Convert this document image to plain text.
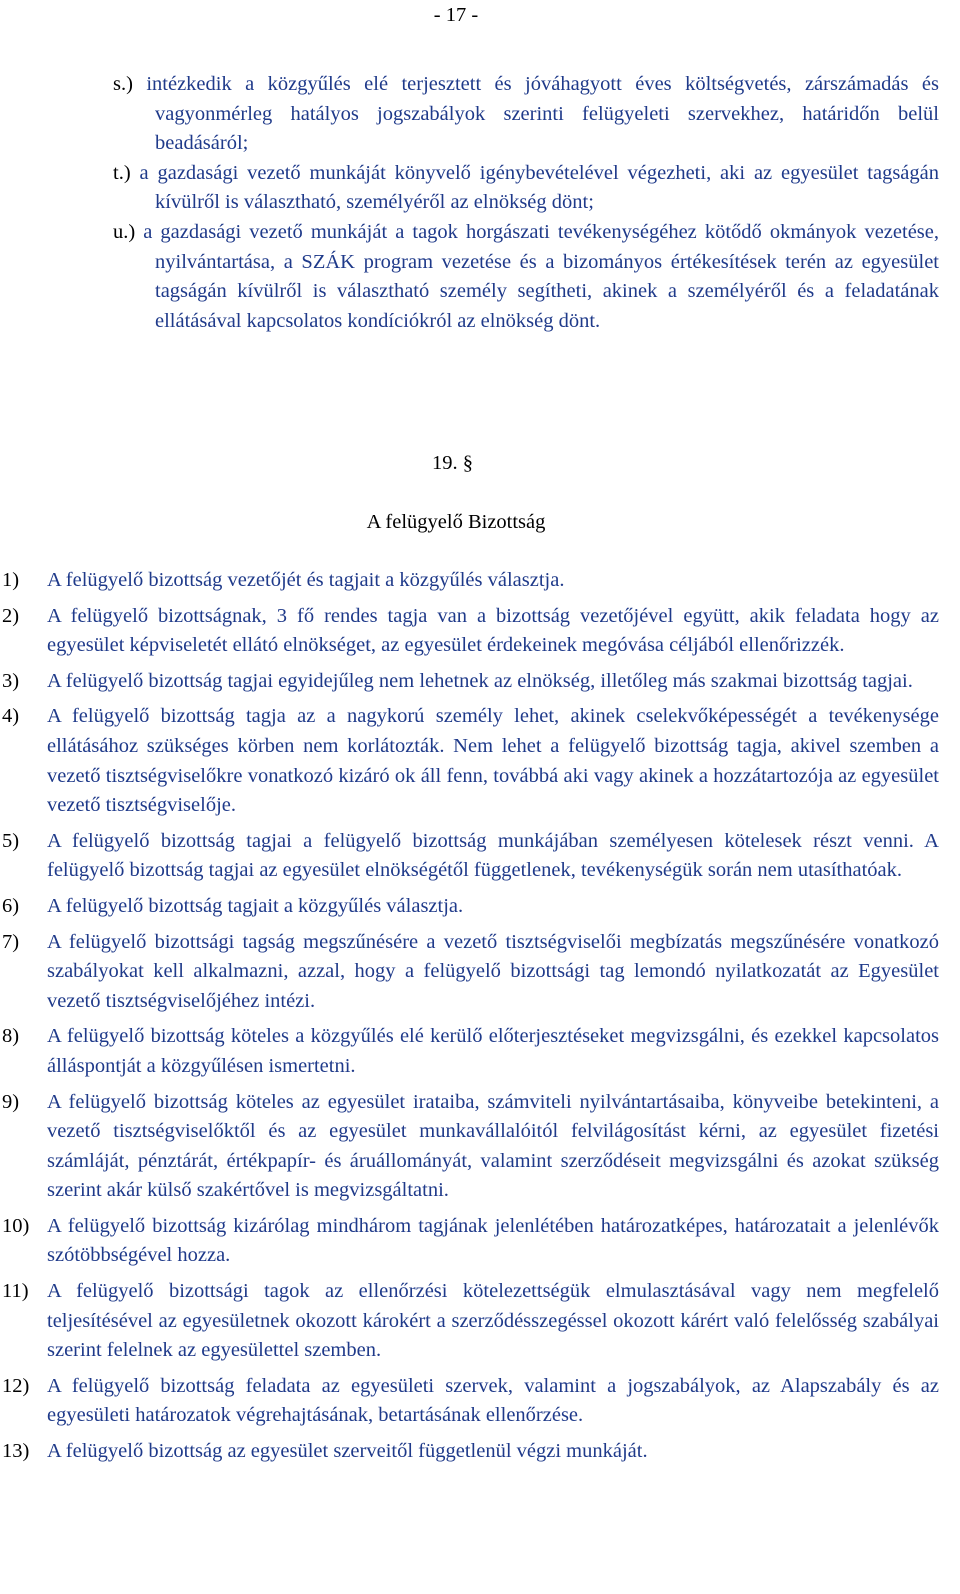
- 17 -
s.) intézkedik a közgyűlés elé terjesztett és jóváhagyott éves költségvetés, zárszámadás és vagyonmérleg hatályos jogszabályok szerinti felügyeleti szervekhez, határidőn belül beadásáról;
t.) a gazdasági vezető munkáját könyvelő igénybevételével végezheti, aki az egyesület tagságán kívülről is választható, személyéről az elnökség dönt;
u.) a gazdasági vezető munkáját a tagok horgászati tevékenységéhez kötődő okmányok vezetése, nyilvántartása, a SZÁK program vezetése és a bizományos értékesítések terén az egyesület tagságán kívülről is választható személy segítheti, akinek a személyéről és a feladatának ellátásával kapcsolatos kondíciókról az elnökség dönt.
19. §
A felügyelő Bizottság
1) A felügyelő bizottság vezetőjét és tagjait a közgyűlés választja.
2) A felügyelő bizottságnak, 3 fő rendes tagja van a bizottság vezetőjével együtt, akik feladata hogy az egyesület képviseletét ellátó elnökséget, az egyesület érdekeinek megóvása céljából ellenőrizzék.
3) A felügyelő bizottság tagjai egyidejűleg nem lehetnek az elnökség, illetőleg más szakmai bizottság tagjai.
4) A felügyelő bizottság tagja az a nagykorú személy lehet, akinek cselekvőképességét a tevékenysége ellátásához szükséges körben nem korlátozták. Nem lehet a felügyelő bizottság tagja, akivel szemben a vezető tisztségviselőkre vonatkozó kizáró ok áll fenn, továbbá aki vagy akinek a hozzátartozója az egyesület vezető tisztségviselője.
5) A felügyelő bizottság tagjai a felügyelő bizottság munkájában személyesen kötelesek részt venni. A felügyelő bizottság tagjai az egyesület elnökségétől függetlenek, tevékenységük során nem utasíthatóak.
6) A felügyelő bizottság tagjait a közgyűlés választja.
7) A felügyelő bizottsági tagság megszűnésére a vezető tisztségviselői megbízatás megszűnésére vonatkozó szabályokat kell alkalmazni, azzal, hogy a felügyelő bizottsági tag lemondó nyilatkozatát az Egyesület vezető tisztségviselőjéhez intézi.
8) A felügyelő bizottság köteles a közgyűlés elé kerülő előterjesztéseket megvizsgálni, és ezekkel kapcsolatos álláspontját a közgyűlésen ismertetni.
9) A felügyelő bizottság köteles az egyesület irataiba, számviteli nyilvántartásaiba, könyveibe betekinteni, a vezető tisztségviselőktől és az egyesület munkavállalóitól felvilágosítást kérni, az egyesület fizetési számláját, pénztárát, értékpapír- és áruállományát, valamint szerződéseit megvizsgálni és azokat szükség szerint akár külső szakértővel is megvizsgáltatni.
10) A felügyelő bizottság kizárólag mindhárom tagjának jelenlétében határozatképes, határozatait a jelenlévők szótöbbségével hozza.
11) A felügyelő bizottsági tagok az ellenőrzési kötelezettségük elmulasztásával vagy nem megfelelő teljesítésével az egyesületnek okozott károkért a szerződésszegéssel okozott kárért való felelősség szabályai szerint felelnek az egyesülettel szemben.
12) A felügyelő bizottság feladata az egyesületi szervek, valamint a jogszabályok, az Alapszabály és az egyesületi határozatok végrehajtásának, betartásának ellenőrzése.
13) A felügyelő bizottság az egyesület szerveitől függetlenül végzi munkáját.
